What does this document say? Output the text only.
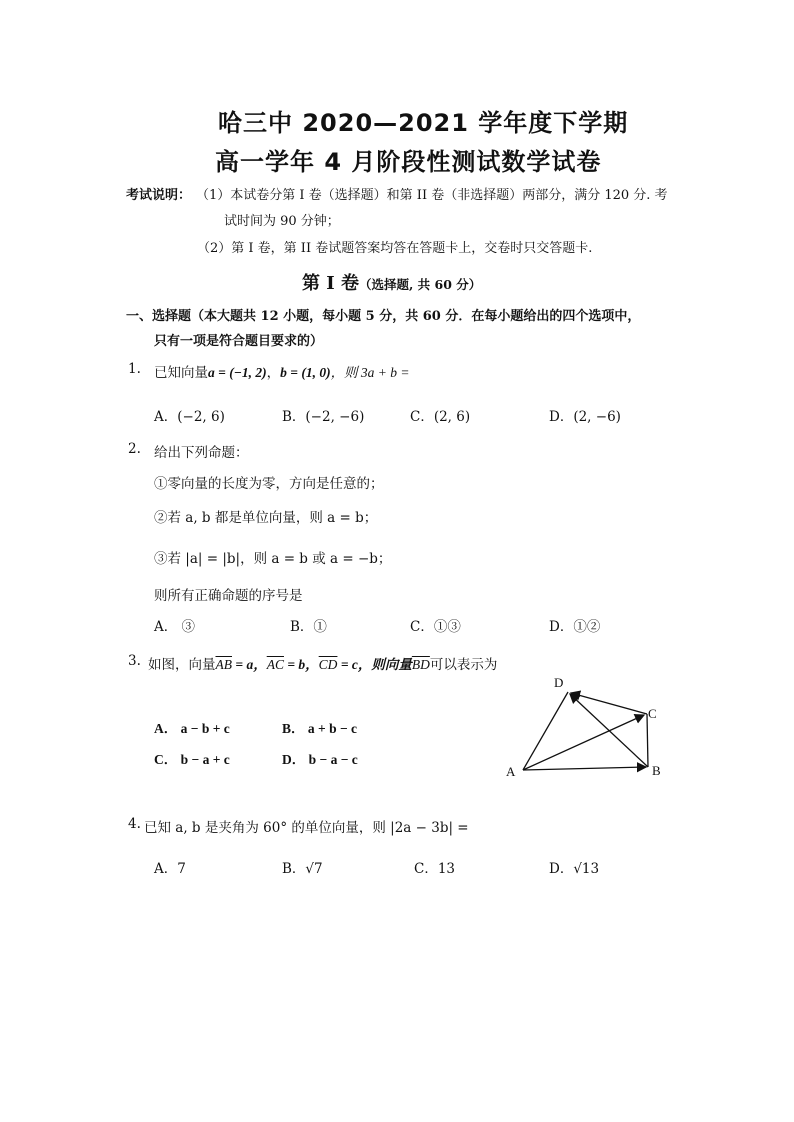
哈三中 2020—2021 学年度下学期
高一学年 4 月阶段性测试数学试卷
考试说明： （1）本试卷分第 I 卷（选择题）和第 II 卷（非选择题）两部分，满分 120 分. 考
试时间为 90 分钟；
（2）第 I 卷，第 II 卷试题答案均答在答题卡上，交卷时只交答题卡.
第 I 卷（选择题, 共 60 分）
一、选择题（本大题共 12 小题，每小题 5 分，共 60 分．在每小题给出的四个选项中，
只有一项是符合题目要求的）
1. 已知向量a = (−1, 2)，b = (1, 0)，则 3a + b =
A．(−2, 6)	B．(−2, −6)	C．(2, 6)	D．(2, −6)
2. 给出下列命题：
①零向量的长度为零，方向是任意的；
②若 a, b 都是单位向量，则 a = b；
③若 |a| = |b|，则 a = b 或 a = −b；
则所有正确命题的序号是
A． ③	B．①	C．①③	D．①②
3. 如图，向量$\overline{AB} = a$，$\overline{AC} = b$，$\overline{CD} = c$，则向量$\overline{BD}$可以表示为
A． a − b + c	B． a + b − c
C． b − a + c	D． b − a − c
A	B
C
D
4. 已知 a, b 是夹角为 60° 的单位向量，则 |2a − 3b| =
A．7	B．√7	C．13	D．√13
